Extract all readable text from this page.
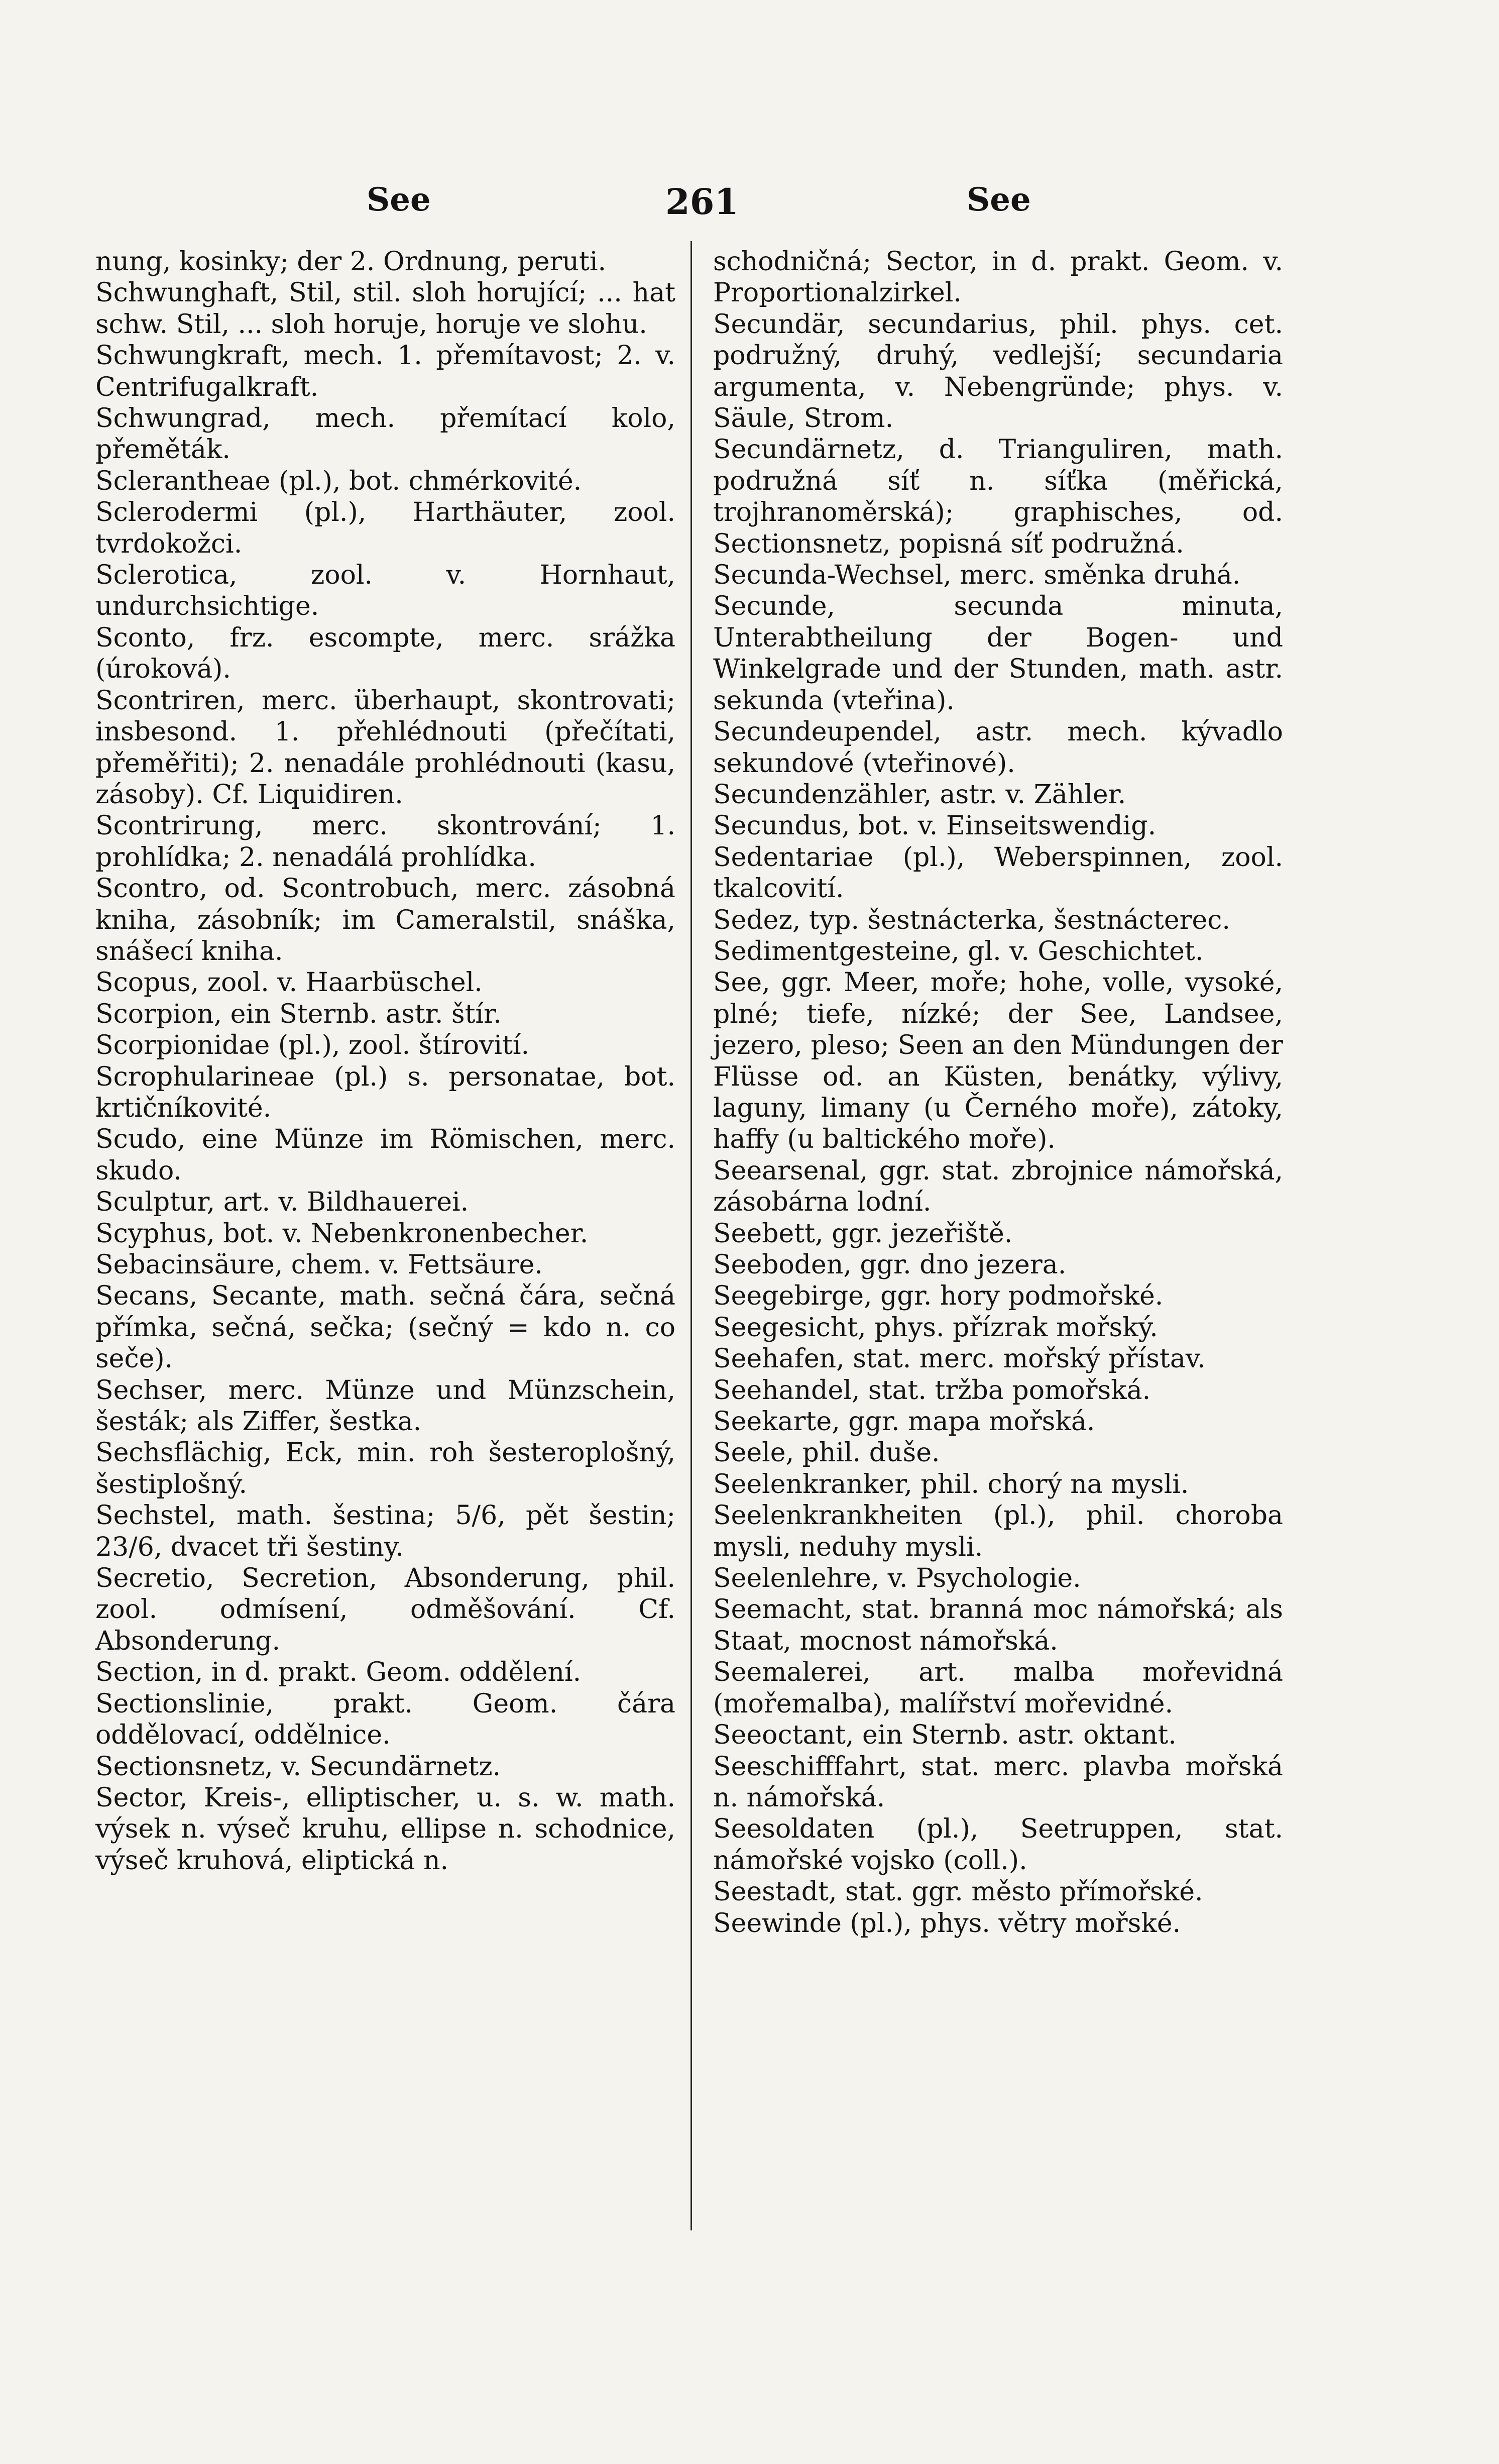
See	261	See

nung, kosinky; der 2. Ordnung, peruti.

Schwunghaft, Stil, stil. sloh horující; ... hat schw. Stil, ... sloh horuje, horuje ve slohu.

Schwungkraft, mech. 1. přemítavost; 2. v. Centrifugalkraft.

Schwungrad, mech. přemítací kolo, přeměták.

Sclerantheae (pl.), bot. chmérkovité.

Sclerodermi (pl.), Harthäuter, zool. tvrdokožci.

Sclerotica, zool. v. Hornhaut, undurchsichtige.

Sconto, frz. escompte, merc. srážka (úroková).

Scontriren, merc. überhaupt, skontrovati; insbesond. 1. přehlédnouti (přečítati, přeměřiti); 2. nenadále prohlédnouti (kasu, zásoby). Cf. Liquidiren.

Scontrirung, merc. skontrování; 1. prohlídka; 2. nenadálá prohlídka.

Scontro, od. Scontrobuch, merc. zásobná kniha, zásobník; im Cameralstil, snáška, snášecí kniha.

Scopus, zool. v. Haarbüschel.

Scorpion, ein Sternb. astr. štír.

Scorpionidae (pl.), zool. štírovití.

Scrophularineae (pl.) s. personatae, bot. krtičníkovité.

Scudo, eine Münze im Römischen, merc. skudo.

Sculptur, art. v. Bildhauerei.

Scyphus, bot. v. Nebenkronenbecher.

Sebacinsäure, chem. v. Fettsäure.

Secans, Secante, math. sečná čára, sečná přímka, sečná, sečka; (sečný = kdo n. co seče).

Sechser, merc. Münze und Münzschein, šesták; als Ziffer, šestka.

Sechsflächig, Eck, min. roh šesteroplošný, šestiplošný.

Sechstel, math. šestina; 5/6, pět šestin; 23/6, dvacet tři šestiny.

Secretio, Secretion, Absonderung, phil. zool. odmísení, odměšování. Cf. Absonderung.

Section, in d. prakt. Geom. oddělení.

Sectionslinie, prakt. Geom. čára oddělovací, oddělnice.

Sectionsnetz, v. Secundärnetz.

Sector, Kreis-, elliptischer, u. s. w. math. výsek n. výseč kruhu, ellipse n. schodnice, výseč kruhová, eliptická n.

schodničná; Sector, in d. prakt. Geom. v. Proportionalzirkel.

Secundär, secundarius, phil. phys. cet. podružný, druhý, vedlejší; secundaria argumenta, v. Nebengründe; phys. v. Säule, Strom.

Secundärnetz, d. Trianguliren, math. podružná síť n. síťka (měřická, trojhranoměrská); graphisches, od. Sectionsnetz, popisná síť podružná.

Secunda-Wechsel, merc. směnka druhá.

Secunde, secunda minuta, Unterabtheilung der Bogen- und Winkelgrade und der Stunden, math. astr. sekunda (vteřina).

Secundeupendel, astr. mech. kývadlo sekundové (vteřinové).

Secundenzähler, astr. v. Zähler.

Secundus, bot. v. Einseitswendig.

Sedentariae (pl.), Weberspinnen, zool. tkalcovití.

Sedez, typ. šestnácterka, šestnácterec.

Sedimentgesteine, gl. v. Geschichtet.

See, ggr. Meer, moře; hohe, volle, vysoké, plné; tiefe, nízké; der See, Landsee, jezero, pleso; Seen an den Mündungen der Flüsse od. an Küsten, benátky, výlivy, laguny, limany (u Černého moře), zátoky, haffy (u baltického moře).

Seearsenal, ggr. stat. zbrojnice námořská, zásobárna lodní.

Seebett, ggr. jezeřiště.

Seeboden, ggr. dno jezera.

Seegebirge, ggr. hory podmořské.

Seegesicht, phys. přízrak mořský.

Seehafen, stat. merc. mořský přístav.

Seehandel, stat. tržba pomořská.

Seekarte, ggr. mapa mořská.

Seele, phil. duše.

Seelenkranker, phil. chorý na mysli.

Seelenkrankheiten (pl.), phil. choroba mysli, neduhy mysli.

Seelenlehre, v. Psychologie.

Seemacht, stat. branná moc námořská; als Staat, mocnost námořská.

Seemalerei, art. malba mořevidná (mořemalba), malířství mořevidné.

Seeoctant, ein Sternb. astr. oktant.

Seeschifffahrt, stat. merc. plavba mořská n. námořská.

Seesoldaten (pl.), Seetruppen, stat. námořské vojsko (coll.).

Seestadt, stat. ggr. město přímořské.

Seewinde (pl.), phys. větry mořské.
